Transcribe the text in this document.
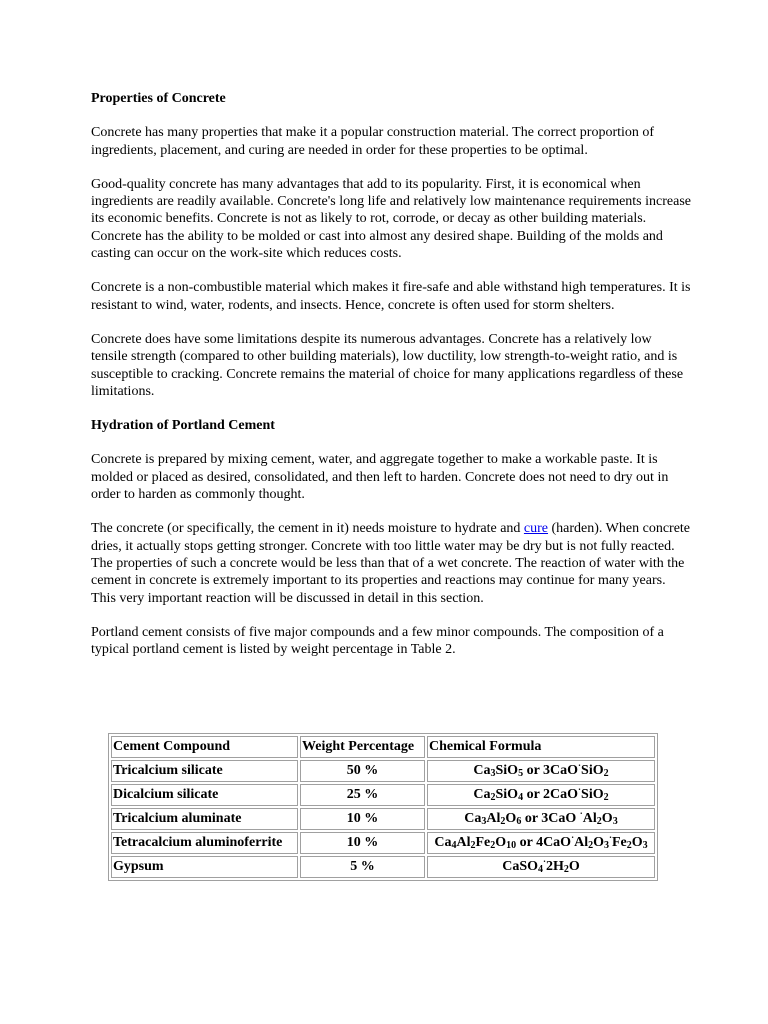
Properties of Concrete

Concrete has many properties that make it a popular construction material. The correct proportion of ingredients, placement, and curing are needed in order for these properties to be optimal.

Good-quality concrete has many advantages that add to its popularity. First, it is economical when ingredients are readily available. Concrete's long life and relatively low maintenance requirements increase its economic benefits. Concrete is not as likely to rot, corrode, or decay as other building materials. Concrete has the ability to be molded or cast into almost any desired shape. Building of the molds and casting can occur on the work-site which reduces costs.

Concrete is a non-combustible material which makes it fire-safe and able withstand high temperatures. It is resistant to wind, water, rodents, and insects. Hence, concrete is often used for storm shelters.

Concrete does have some limitations despite its numerous advantages. Concrete has a relatively low tensile strength (compared to other building materials), low ductility, low strength-to-weight ratio, and is susceptible to cracking. Concrete remains the material of choice for many applications regardless of these limitations.

Hydration of Portland Cement

Concrete is prepared by mixing cement, water, and aggregate together to make a workable paste. It is molded or placed as desired, consolidated, and then left to harden. Concrete does not need to dry out in order to harden as commonly thought.

The concrete (or specifically, the cement in it) needs moisture to hydrate and cure (harden). When concrete dries, it actually stops getting stronger. Concrete with too little water may be dry but is not fully reacted. The properties of such a concrete would be less than that of a wet concrete. The reaction of water with the cement in concrete is extremely important to its properties and reactions may continue for many years. This very important reaction will be discussed in detail in this section.

Portland cement consists of five major compounds and a few minor compounds. The composition of a typical portland cement is listed by weight percentage in Table 2.

Cement Compound	Weight Percentage	Chemical Formula
Tricalcium silicate	50 %	$Ca_3SiO_5$ or 3CaO·SiO$_2$
Dicalcium silicate	25 %	$Ca_2SiO_4$ or 2CaO·SiO$_2$
Tricalcium aluminate	10 %	$Ca_3Al_2O_6$ or 3CaO $^\cdot Al_2O_3$
Tetracalcium aluminoferrite	10 %	$Ca_4Al_2Fe_2O_{10}$ or $4CaO^\cdot Al_2O_3^\cdot Fe_2O_3$
Gypsum	5 %	$CaSO_4^\cdot 2H_2O$
